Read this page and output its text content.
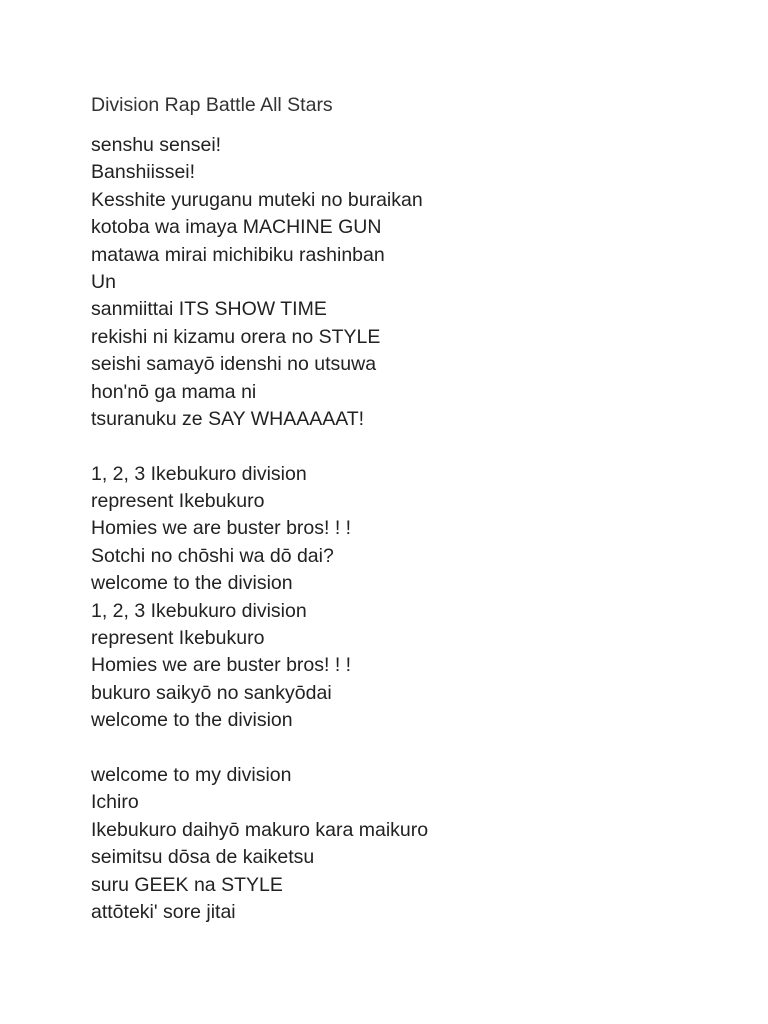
Division Rap Battle All Stars
senshu sensei!
Banshiissei!
Kesshite yuruganu muteki no buraikan
kotoba wa imaya MACHINE GUN
matawa mirai michibiku rashinban
Un
sanmiittai ITS SHOW TIME
rekishi ni kizamu orera no STYLE
seishi samayō idenshi no utsuwa
hon'nō ga mama ni
tsuranuku ze SAY WHAAAAAT!
1, 2, 3 Ikebukuro division
represent Ikebukuro
Homies we are buster bros! ! !
Sotchi no chōshi wa dō dai?
welcome to the division
1, 2, 3 Ikebukuro division
represent Ikebukuro
Homies we are buster bros! ! !
bukuro saikyō no sankyōdai
welcome to the division
welcome to my division
Ichiro
Ikebukuro daihyō makuro kara maikuro
seimitsu dōsa de kaiketsu
suru GEEK na STYLE
attōteki' sore jitai
